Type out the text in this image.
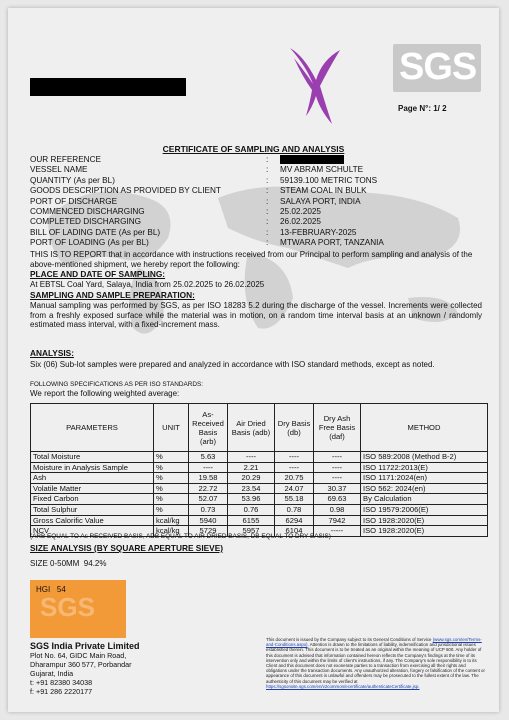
SGS
Page N°: 1/ 2
CERTIFICATE OF SAMPLING AND ANALYSIS
OUR REFERENCE	:
VESSEL NAME	:	MV ABRAM SCHULTE
QUANTITY (As per BL)	:	59139.100 METRIC TONS
GOODS DESCRIPTION AS PROVIDED BY CLIENT	:	STEAM COAL IN BULK
PORT OF DISCHARGE	:	SALAYA PORT, INDIA
COMMENCED DISCHARGING	:	25.02.2025
COMPLETED DISCHARGING	:	26.02.2025
BILL OF LADING DATE (As per BL)	:	13-FEBRUARY-2025
PORT OF LOADING (As per BL)	:	MTWARA PORT, TANZANIA
THIS IS TO REPORT that in accordance with instructions received from our Principal to perform sampling and analysis of the above-mentioned shipment, we hereby report the following:
PLACE AND DATE OF SAMPLING:
At EBTSL Coal Yard, Salaya, India from 25.02.2025 to 26.02.2025
SAMPLING AND SAMPLE PREPARATION:
Manual sampling was performed by SGS, as per ISO 18283 5.2 during the discharge of the vessel. Increments were collected from a freshly exposed surface while the material was in motion, on a random time interval basis at an unknown / randomly estimated mass interval, with a fixed-increment mass.
ANALYSIS:
Six (06) Sub-lot samples were prepared and analyzed in accordance with ISO standard methods, except as noted.
FOLLOWING SPECIFICATIONS AS PER ISO STANDARDS:
We report the following weighted average:
PARAMETERS	UNIT	As-Received Basis (arb)	Air Dried Basis (adb)	Dry Basis (db)	Dry Ash Free Basis (daf)	METHOD
Total Moisture	%	5.63	----	----	----	ISO 589:2008 (Method B-2)
Moisture in Analysis Sample	%	----	2.21	----	----	ISO 11722:2013(E)
Ash	%	19.58	20.29	20.75	----	ISO 1171:2024(en)
Volatile Matter	%	22.72	23.54	24.07	30.37	ISO 562: 2024(en)
Fixed Carbon	%	52.07	53.96	55.18	69.63	By Calculation
Total Sulphur	%	0.73	0.76	0.78	0.98	ISO 19579:2006(E)
Gross Calorific Value	kcal/kg	5940	6155	6294	7942	ISO 1928:2020(E)
NCV	kcal/kg	5729	5957	6104	-----	ISO 1928:2020(E)
(ARB EQUAL TO As RECEIVED BASIS, ADB EQUAL TO AIR DRIED BASIS, DB EQUAL TO DRY BASIS)
SIZE ANALYSIS (BY SQUARE APERTURE SIEVE)
SIZE 0-50MM 94.2%
SGS
HGI 54
SGS India Private Limited
Plot No. 64, GIDC Main Road,
Dharampur 360 577, Porbandar
Gujarat, India
t: +91 82380 34038
f: +91 286 2220177
This document is issued by the Company subject to its General Conditions of Service (www.sgs.com/en/Terms-and-Conditions.aspx). Attention is drawn to the limitations of liability, indemnification and jurisdictional issues established therein. This document is to be treated as an original within the meaning of UCP 600. Any holder of this document is advised that information contained hereon reflects the Company's findings at the time of its intervention only and within the limits of client's instructions, if any. The Company's sole responsibility is to its Client and this document does not exonerate parties to a transaction from exercising all their rights and obligations under the transaction documents. Any unauthorized alteration, forgery or falsification of the content or appearance of this document is unlawful and offenders may be prosecuted to the fullest extent of the law. The authenticity of this document may be verified at https://sgsonsite.sgs.com/en/v2common/ecertificate/authenticateCertificate.jsp.
